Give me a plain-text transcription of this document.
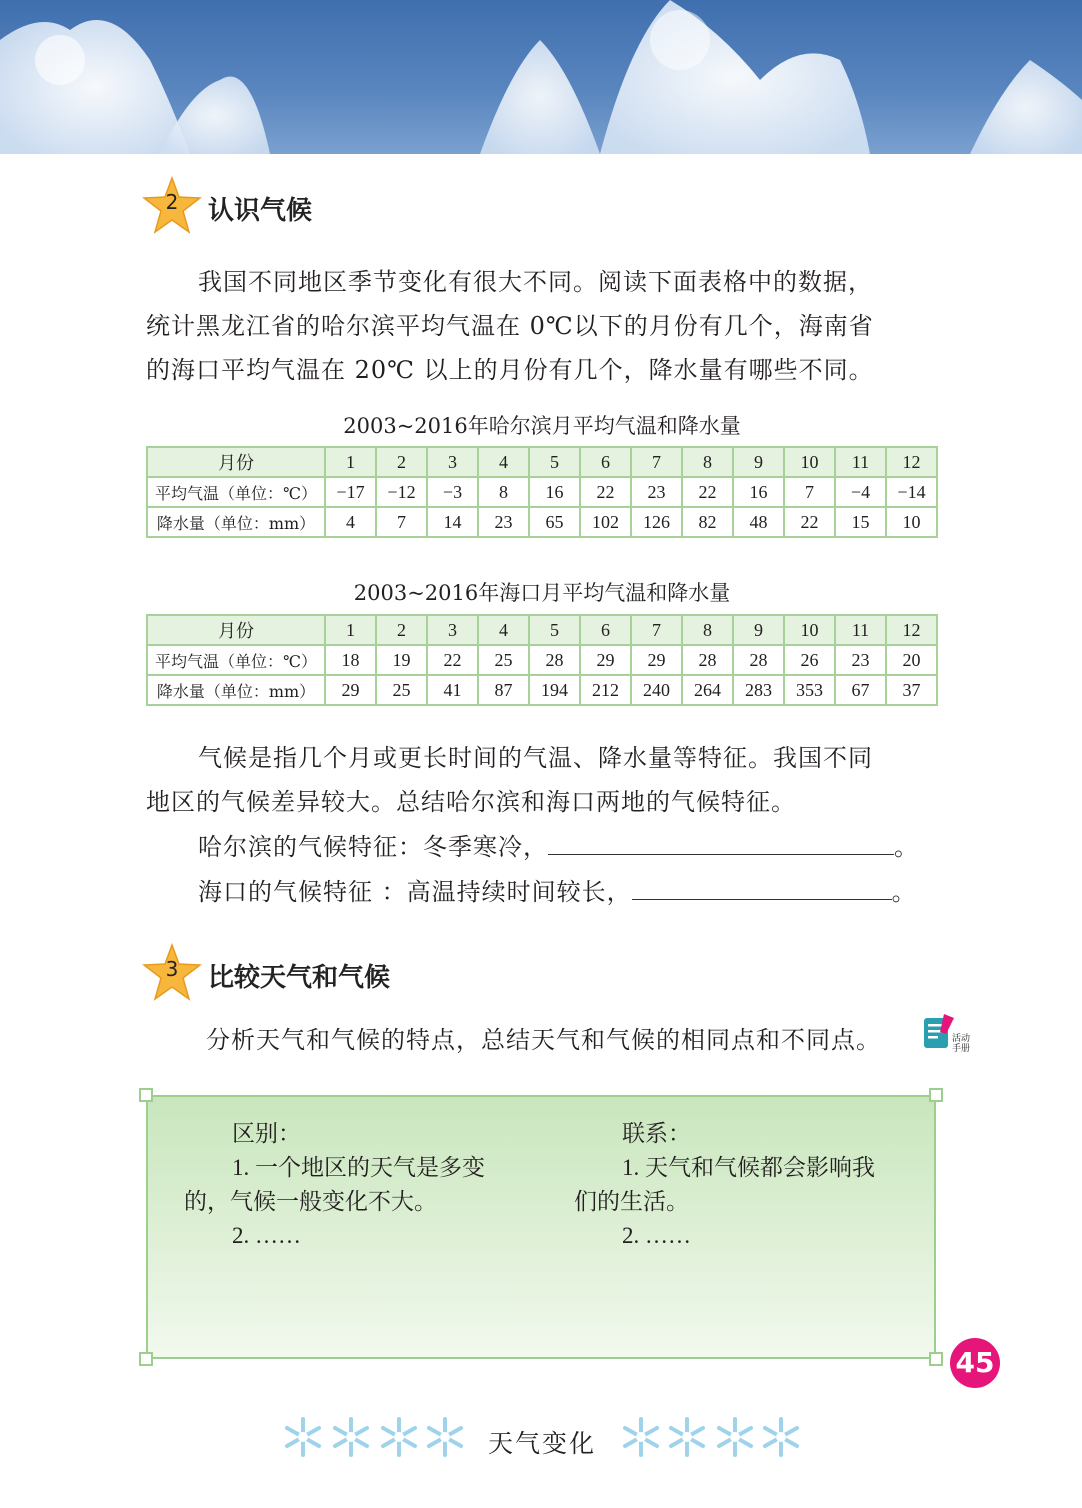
2	认识气候

我国不同地区季节变化有很大不同。阅读下面表格中的数据，

统计黑龙江省的哈尔滨平均气温在 0℃以下的月份有几个，海南省

的海口平均气温在 20℃ 以上的月份有几个，降水量有哪些不同。

2003~2016年哈尔滨月平均气温和降水量
月份	1	2	3	4	5	6	7	8	9	10	11	12
平均气温（单位：℃）	−17	−12	−3	8	16	22	23	22	16	7	−4	−14
降水量（单位：mm）	4	7	14	23	65	102	126	82	48	22	15	10
2003~2016年海口月平均气温和降水量
月份	1	2	3	4	5	6	7	8	9	10	11	12
平均气温（单位：℃）	18	19	22	25	28	29	29	28	28	26	23	20
降水量（单位：mm）	29	25	41	87	194	212	240	264	283	353	67	37

气候是指几个月或更长时间的气温、降水量等特征。我国不同

地区的气候差异较大。总结哈尔滨和海口两地的气候特征。

哈尔滨的气候特征：冬季寒冷，	。

海口的气候特征 ：高温持续时间较长，	。

3	比较天气和气候

分析天气和气候的特点，总结天气和气候的相同点和不同点。	活动
手册

区别：

1. 一个地区的天气是多变

的，气候一般变化不大。

2. ……

联系：

1. 天气和气候都会影响我

们的生活。

2. ……

45
天气变化
